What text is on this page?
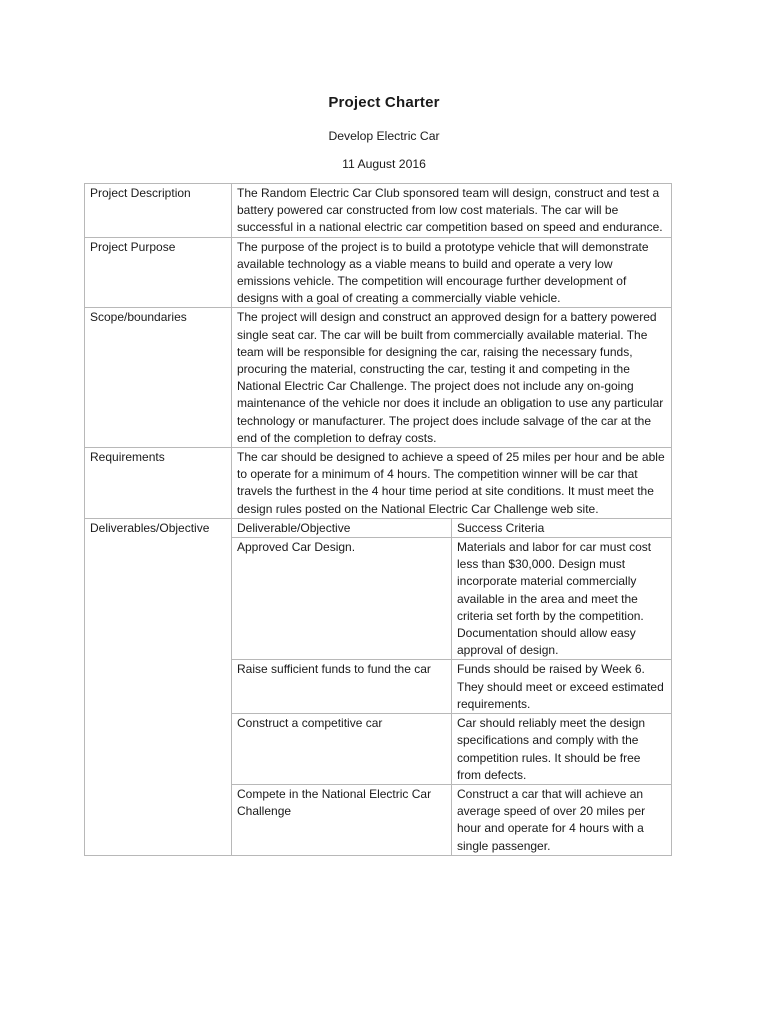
Project Charter
Develop Electric Car
11 August 2016
Project Description	The Random Electric Car Club sponsored team will design, construct and test a battery powered car constructed from low cost materials. The car will be successful in a national electric car competition based on speed and endurance.	
Project Purpose	The purpose of the project is to build a prototype vehicle that will demonstrate available technology as a viable means to build and operate a very low emissions vehicle. The competition will encourage further development of designs with a goal of creating a commercially viable vehicle.	
Scope/boundaries	The project will design and construct an approved design for a battery powered single seat car. The car will be built from commercially available material. The team will be responsible for designing the car, raising the necessary funds, procuring the material, constructing the car, testing it and competing in the National Electric Car Challenge. The project does not include any on-going maintenance of the vehicle nor does it include an obligation to use any particular technology or manufacturer. The project does include salvage of the car at the end of the completion to defray costs.	
Requirements	The car should be designed to achieve a speed of 25 miles per hour and be able to operate for a minimum of 4 hours. The competition winner will be car that travels the furthest in the 4 hour time period at site conditions. It must meet the design rules posted on the National Electric Car Challenge web site.	
Deliverables/Objective	Deliverable/Objective	Success Criteria
	Approved Car Design.	Materials and labor for car must cost less than $30,000. Design must incorporate material commercially available in the area and meet the criteria set forth by the competition. Documentation should allow easy approval of design.
	Raise sufficient funds to fund the car	Funds should be raised by Week 6. They should meet or exceed estimated requirements.
	Construct a competitive car	Car should reliably meet the design specifications and comply with the competition rules. It should be free from defects.
	Compete in the National Electric Car Challenge	Construct a car that will achieve an average speed of over 20 miles per hour and operate for 4 hours with a single passenger.
